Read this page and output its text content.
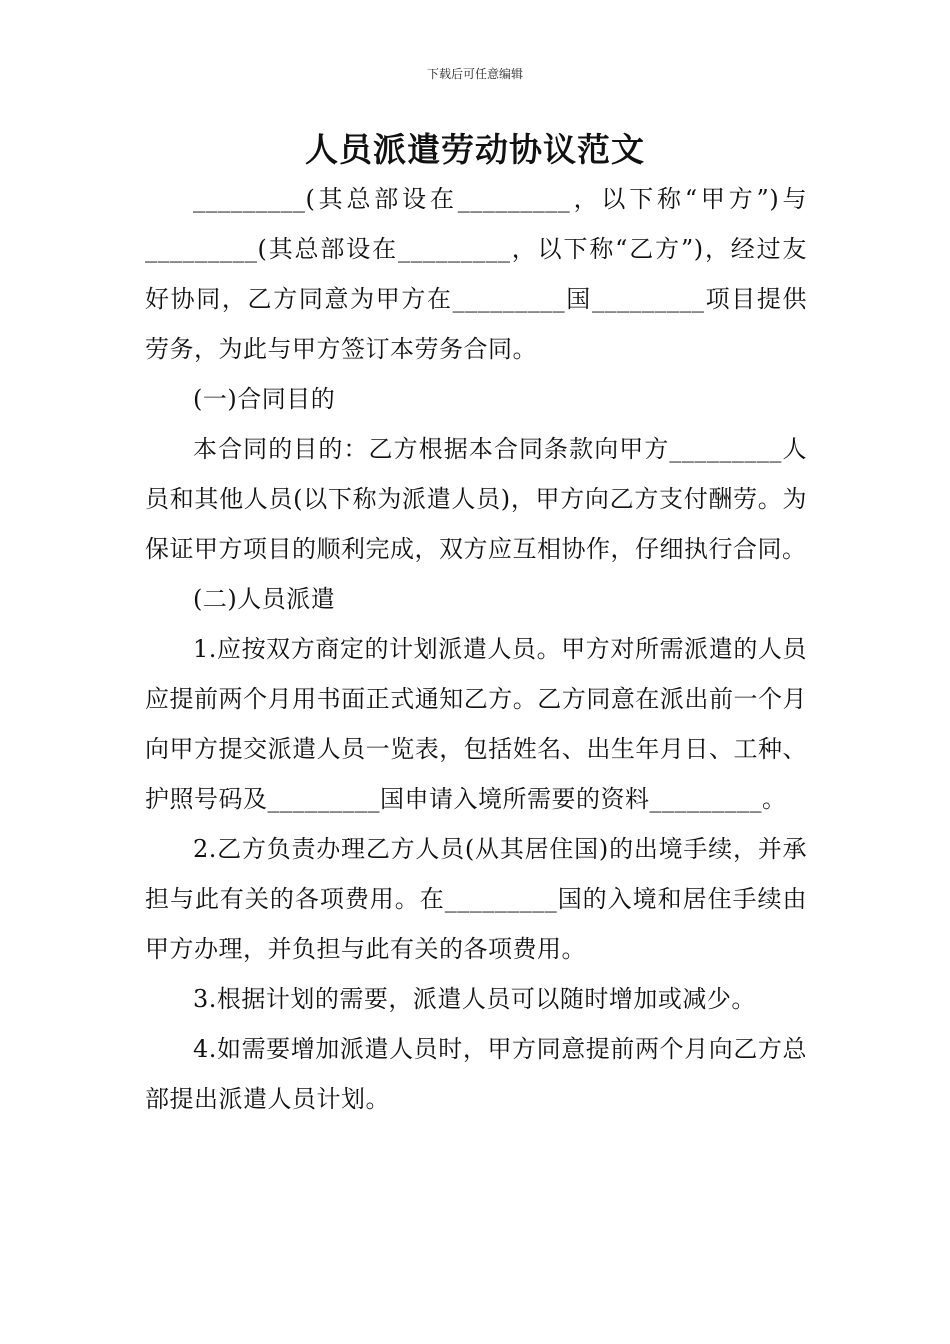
下载后可任意编辑
人员派遣劳动协议范文

_________(其总部设在_________，以下称“甲方”)与_________(其总部设在_________，以下称“乙方”)，经过友好协同，乙方同意为甲方在_________国_________项目提供劳务，为此与甲方签订本劳务合同。

(一)合同目的

本合同的目的：乙方根据本合同条款向甲方_________人员和其他人员(以下称为派遣人员)，甲方向乙方支付酬劳。为保证甲方项目的顺利完成，双方应互相协作，仔细执行合同。

(二)人员派遣

1.应按双方商定的计划派遣人员。甲方对所需派遣的人员应提前两个月用书面正式通知乙方。乙方同意在派出前一个月向甲方提交派遣人员一览表，包括姓名、出生年月日、工种、护照号码及_________国申请入境所需要的资料_________。

2.乙方负责办理乙方人员(从其居住国)的出境手续，并承担与此有关的各项费用。在_________国的入境和居住手续由甲方办理，并负担与此有关的各项费用。

3.根据计划的需要，派遣人员可以随时增加或减少。

4.如需要增加派遣人员时，甲方同意提前两个月向乙方总部提出派遣人员计划。
